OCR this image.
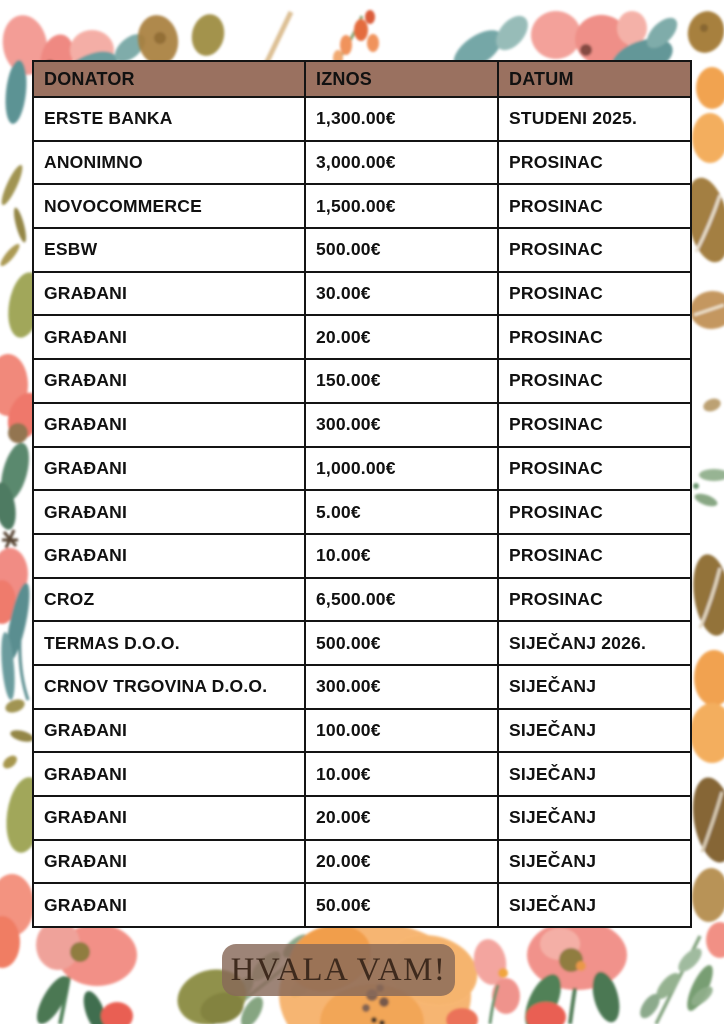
DONATOR	IZNOS	DATUM
ERSTE BANKA	1,300.00€	STUDENI 2025.
ANONIMNO	3,000.00€	PROSINAC
NOVOCOMMERCE	1,500.00€	PROSINAC
ESBW	500.00€	PROSINAC
GRAĐANI	30.00€	PROSINAC
GRAĐANI	20.00€	PROSINAC
GRAĐANI	150.00€	PROSINAC
GRAĐANI	300.00€	PROSINAC
GRAĐANI	1,000.00€	PROSINAC
GRAĐANI	5.00€	PROSINAC
GRAĐANI	10.00€	PROSINAC
CROZ	6,500.00€	PROSINAC
TERMAS D.O.O.	500.00€	SIJEČANJ 2026.
CRNOV TRGOVINA D.O.O.	300.00€	SIJEČANJ
GRAĐANI	100.00€	SIJEČANJ
GRAĐANI	10.00€	SIJEČANJ
GRAĐANI	20.00€	SIJEČANJ
GRAĐANI	20.00€	SIJEČANJ
GRAĐANI	50.00€	SIJEČANJ
HVALA VAM!
